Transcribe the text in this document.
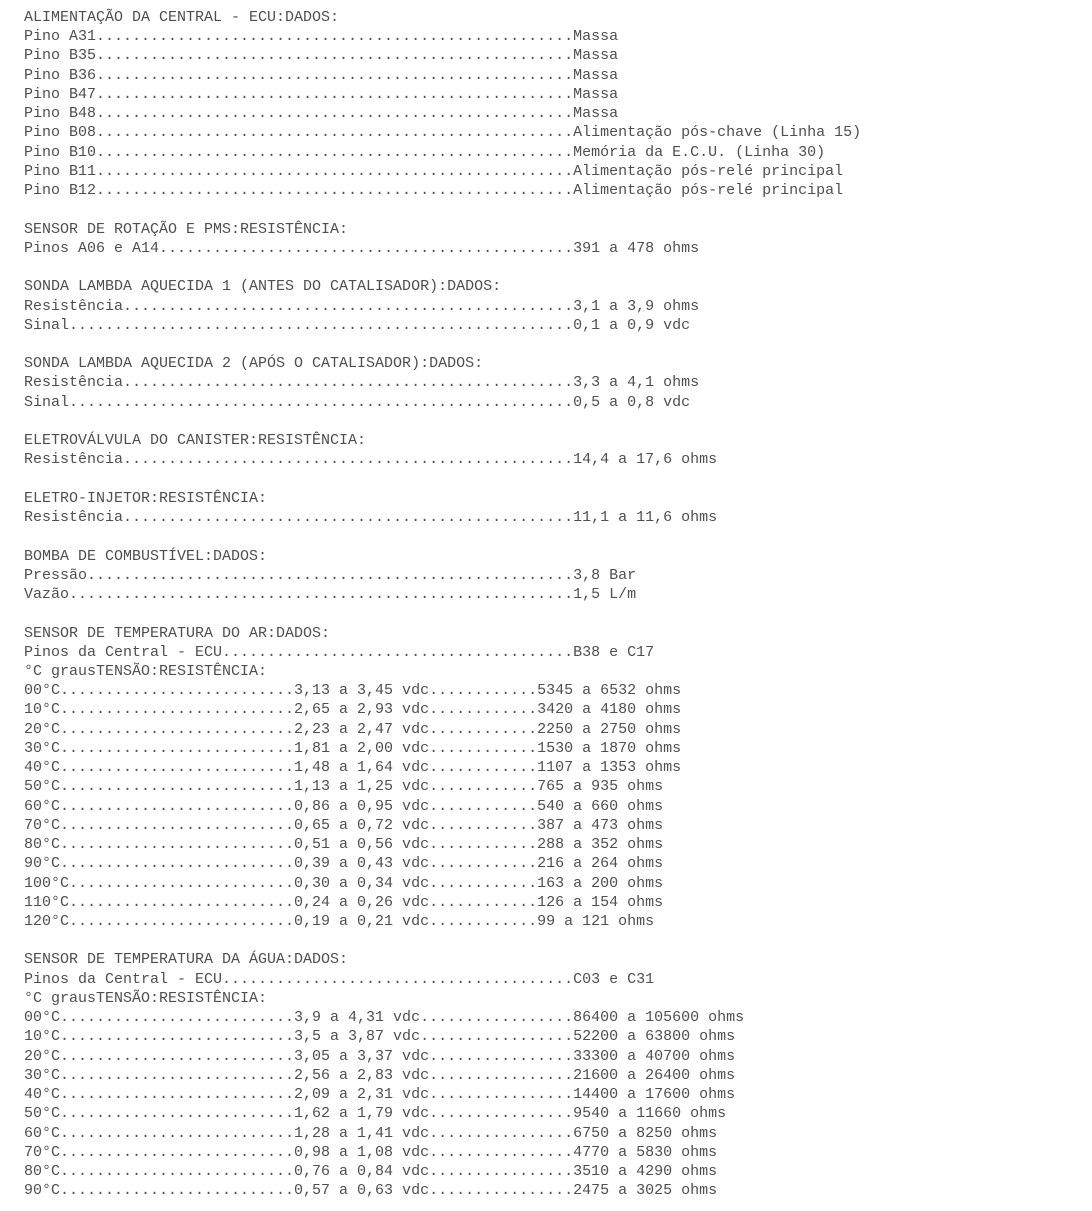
ALIMENTAÇÃO DA CENTRAL - ECU:DADOS:
Pino A31.....................................................Massa
Pino B35.....................................................Massa
Pino B36.....................................................Massa
Pino B47.....................................................Massa
Pino B48.....................................................Massa
Pino B08.....................................................Alimentação pós-chave (Linha 15)
Pino B10.....................................................Memória da E.C.U. (Linha 30)
Pino B11.....................................................Alimentação pós-relé principal
Pino B12.....................................................Alimentação pós-relé principal
SENSOR DE ROTAÇÃO E PMS:RESISTÊNCIA:
Pinos A06 e A14..............................................391 a 478 ohms
SONDA LAMBDA AQUECIDA 1 (ANTES DO CATALISADOR):DADOS:
Resistência..................................................3,1 a 3,9 ohms
Sinal........................................................0,1 a 0,9 vdc
SONDA LAMBDA AQUECIDA 2 (APÓS O CATALISADOR):DADOS:
Resistência..................................................3,3 a 4,1 ohms
Sinal........................................................0,5 a 0,8 vdc
ELETROVÁLVULA DO CANISTER:RESISTÊNCIA:
Resistência..................................................14,4 a 17,6 ohms
ELETRO-INJETOR:RESISTÊNCIA:
Resistência..................................................11,1 a 11,6 ohms
BOMBA DE COMBUSTÍVEL:DADOS:
Pressão......................................................3,8 Bar
Vazão........................................................1,5 L/m
SENSOR DE TEMPERATURA DO AR:DADOS:
Pinos da Central - ECU.......................................B38 e C17
°C grausTENSÃO:RESISTÊNCIA:
00°C..........................3,13 a 3,45 vdc............5345 a 6532 ohms
10°C..........................2,65 a 2,93 vdc............3420 a 4180 ohms
20°C..........................2,23 a 2,47 vdc............2250 a 2750 ohms
30°C..........................1,81 a 2,00 vdc............1530 a 1870 ohms
40°C..........................1,48 a 1,64 vdc............1107 a 1353 ohms
50°C..........................1,13 a 1,25 vdc............765 a 935 ohms
60°C..........................0,86 a 0,95 vdc............540 a 660 ohms
70°C..........................0,65 a 0,72 vdc............387 a 473 ohms
80°C..........................0,51 a 0,56 vdc............288 a 352 ohms
90°C..........................0,39 a 0,43 vdc............216 a 264 ohms
100°C.........................0,30 a 0,34 vdc............163 a 200 ohms
110°C.........................0,24 a 0,26 vdc............126 a 154 ohms
120°C.........................0,19 a 0,21 vdc............99 a 121 ohms
SENSOR DE TEMPERATURA DA ÁGUA:DADOS:
Pinos da Central - ECU.......................................C03 e C31
°C grausTENSÃO:RESISTÊNCIA:
00°C..........................3,9 a 4,31 vdc.................86400 a 105600 ohms
10°C..........................3,5 a 3,87 vdc.................52200 a 63800 ohms
20°C..........................3,05 a 3,37 vdc................33300 a 40700 ohms
30°C..........................2,56 a 2,83 vdc................21600 a 26400 ohms
40°C..........................2,09 a 2,31 vdc................14400 a 17600 ohms
50°C..........................1,62 a 1,79 vdc................9540 a 11660 ohms
60°C..........................1,28 a 1,41 vdc................6750 a 8250 ohms
70°C..........................0,98 a 1,08 vdc................4770 a 5830 ohms
80°C..........................0,76 a 0,84 vdc................3510 a 4290 ohms
90°C..........................0,57 a 0,63 vdc................2475 a 3025 ohms
